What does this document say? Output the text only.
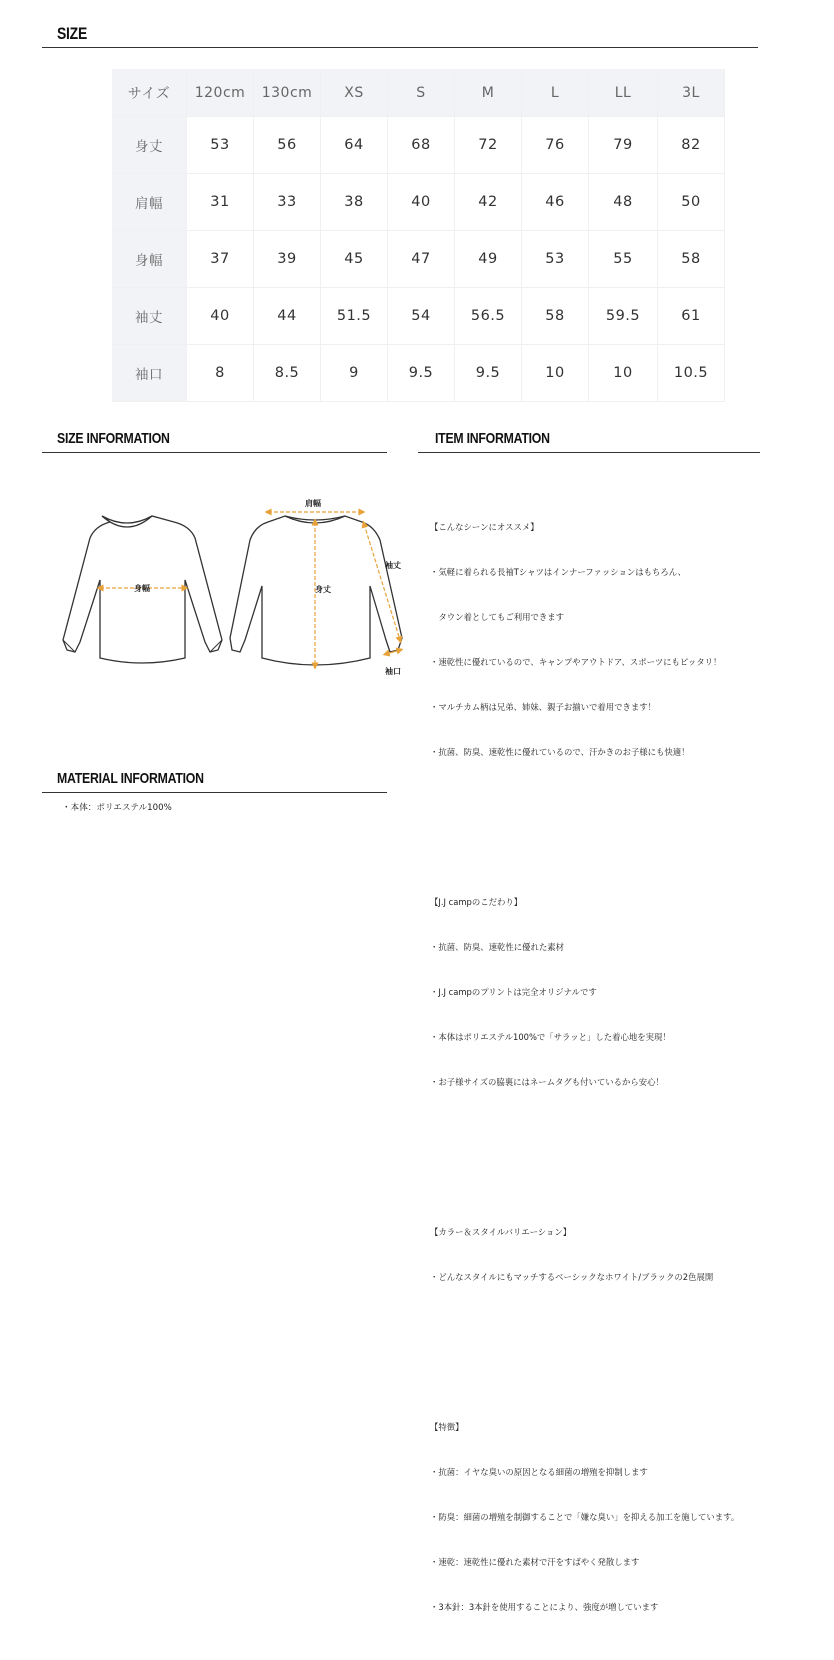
SIZE
サイズ	120cm	130cm	XS	S	M	L	LL	3L
身丈	53	56	64	68	72	76	79	82
肩幅	31	33	38	40	42	46	48	50
身幅	37	39	45	47	49	53	55	58
袖丈	40	44	51.5	54	56.5	58	59.5	61
袖口	8	8.5	9	9.5	9.5	10	10	10.5
SIZE INFORMATION
身幅
肩幅
身丈
袖丈
袖口
ITEM INFORMATION

【こんなシーンにオススメ】

・気軽に着られる長袖Tシャツはインナーファッションはもちろん、

　タウン着としてもご利用できます

・速乾性に優れているので、キャンプやアウトドア、スポーツにもピッタリ！

・マルチカム柄は兄弟、姉妹、親子お揃いで着用できます！

・抗菌、防臭、速乾性に優れているので、汗かきのお子様にも快適！

【J.J campのこだわり】

・抗菌、防臭、速乾性に優れた素材

・J.J campのプリントは完全オリジナルです

・本体はポリエステル100%で「サラッと」した着心地を実現！

・お子様サイズの脇裏にはネームタグも付いているから安心！

【カラー＆スタイルバリエーション】

・どんなスタイルにもマッチするベーシックなホワイト/ブラックの2色展開

【特徴】

・抗菌：イヤな臭いの原因となる細菌の増殖を抑制します

・防臭：細菌の増殖を制御することで「嫌な臭い」を抑える加工を施しています。

・速乾：速乾性に優れた素材で汗をすばやく発散します

・3本針：3本針を使用することにより、強度が増しています

MATERIAL INFORMATION
・本体：ポリエステル100%
